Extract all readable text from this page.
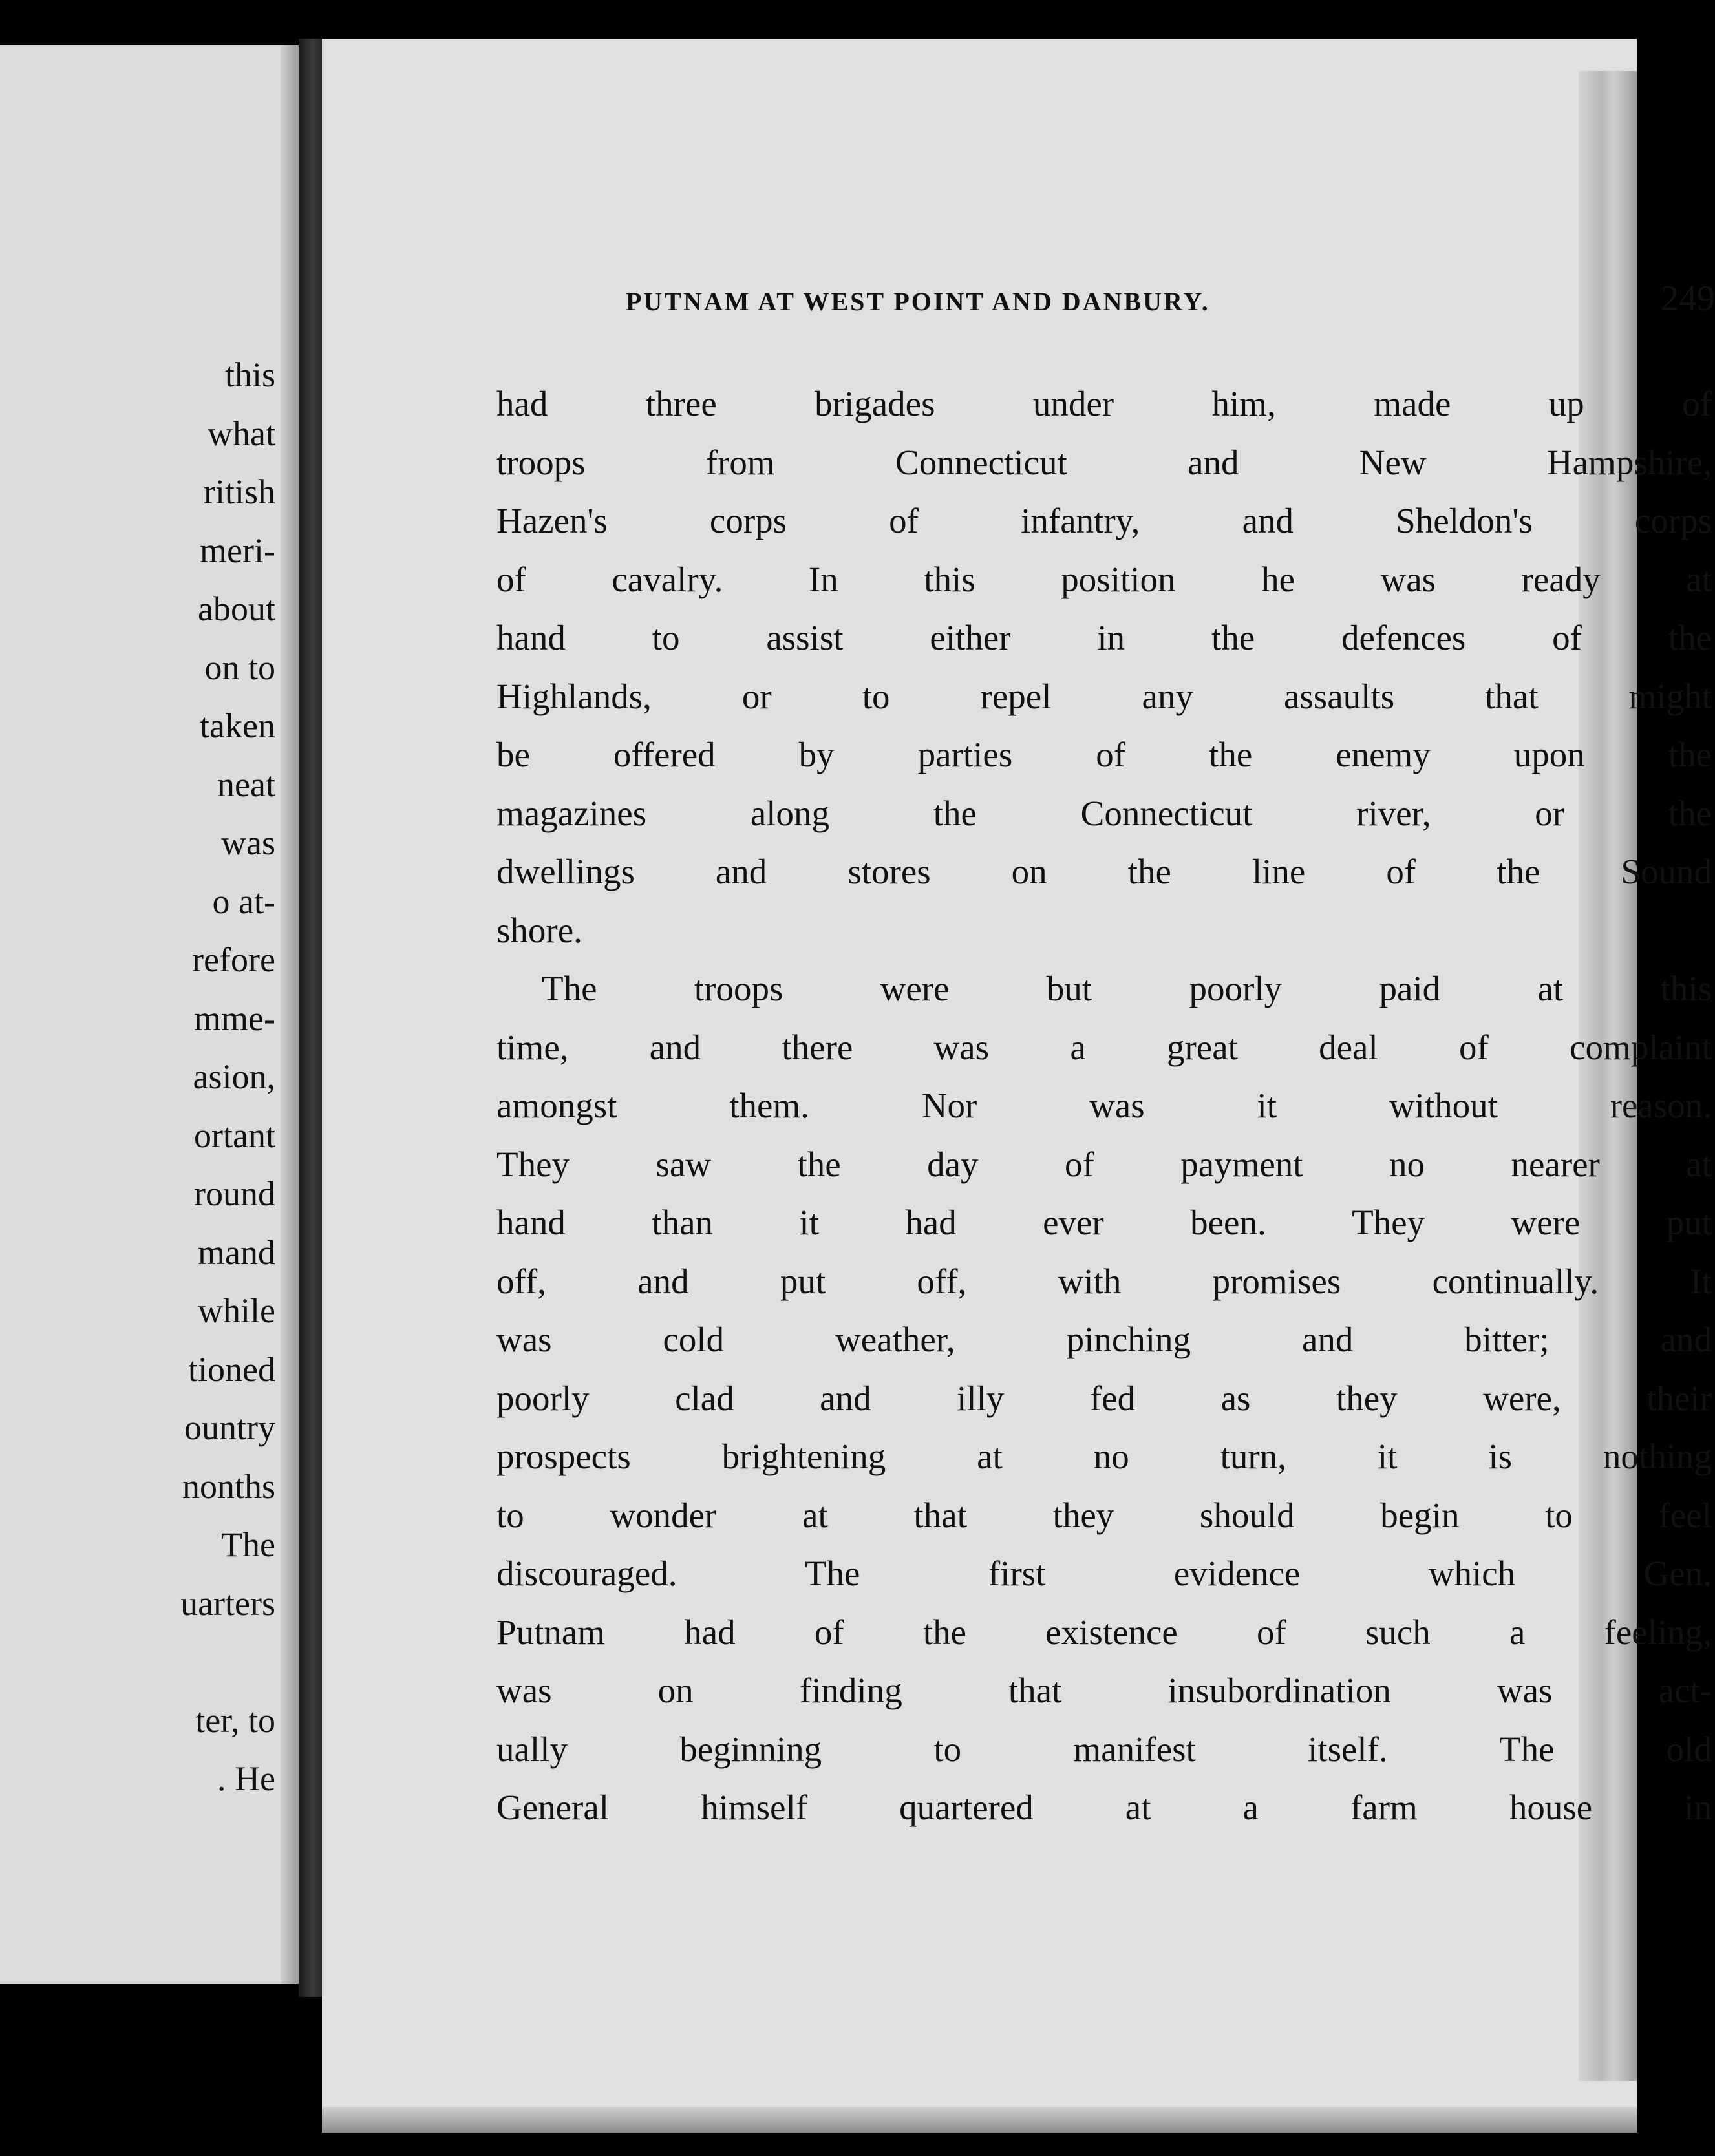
this
what
ritish
meri-
about
on to
taken
neat
was
o at-
refore
mme-
asion,
ortant
round
mand
while
tioned
ountry
nonths
The
uarters
ter, to
. He
PUTNAM AT WEST POINT AND DANBURY.	249
had three brigades under him, made up of
troops from Connecticut and New Hampshire,
Hazen's corps of infantry, and Sheldon's corps
of cavalry. In this position he was ready at
hand to assist either in the defences of the
Highlands, or to repel any assaults that might
be offered by parties of the enemy upon the
magazines along the Connecticut river, or the
dwellings and stores on the line of the Sound
shore.
The troops were but poorly paid at this
time, and there was a great deal of complaint
amongst them. Nor was it without reason.
They saw the day of payment no nearer at
hand than it had ever been. They were put
off, and put off, with promises continually. It
was cold weather, pinching and bitter; and
poorly clad and illy fed as they were, their
prospects brightening at no turn, it is nothing
to wonder at that they should begin to feel
discouraged. The first evidence which Gen.
Putnam had of the existence of such a feeling,
was on finding that insubordination was act-
ually beginning to manifest itself. The old
General himself quartered at a farm house in
